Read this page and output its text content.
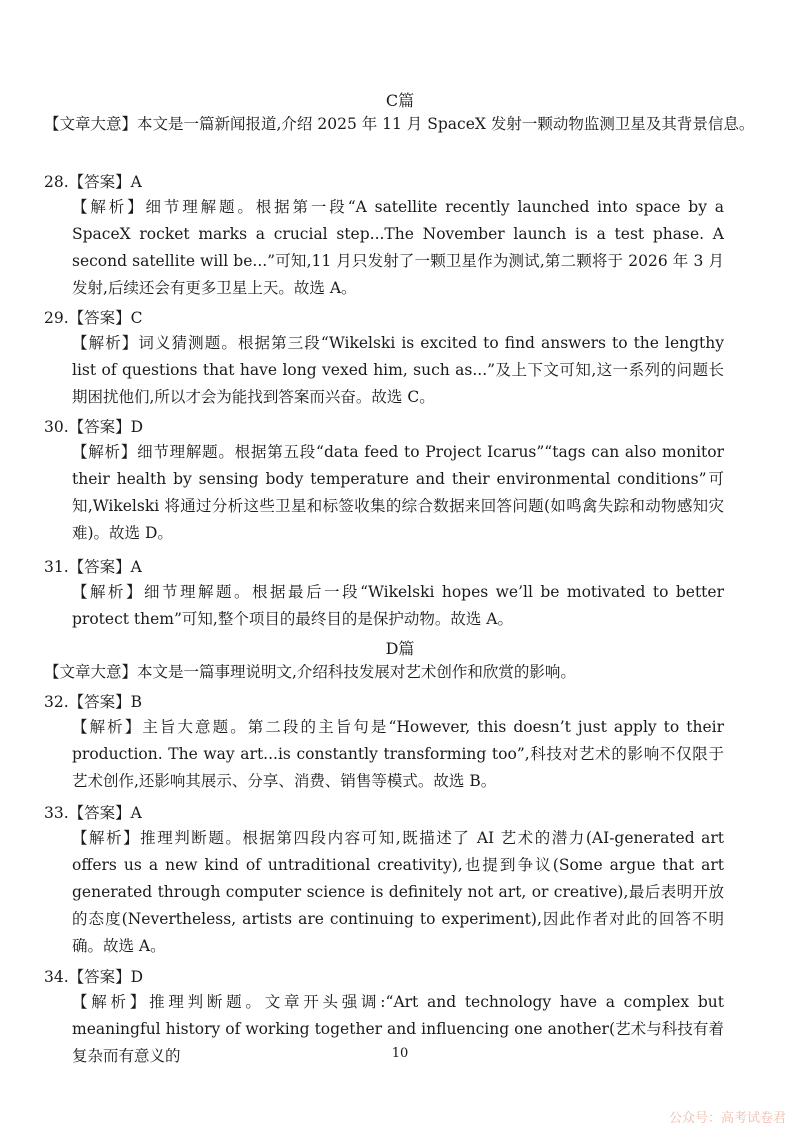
C篇
【文章大意】本文是一篇新闻报道,介绍 2025 年 11 月 SpaceX 发射一颗动物监测卫星及其背景信息。
28.【答案】A
【解析】细节理解题。根据第一段“A satellite recently launched into space by a SpaceX rocket marks a crucial step...The November launch is a test phase. A second satellite will be...”可知,11 月只发射了一颗卫星作为测试,第二颗将于 2026 年 3 月发射,后续还会有更多卫星上天。故选 A。
29.【答案】C
【解析】词义猜测题。根据第三段“Wikelski is excited to find answers to the lengthy list of questions that have long vexed him, such as...”及上下文可知,这一系列的问题长期困扰他们,所以才会为能找到答案而兴奋。故选 C。
30.【答案】D
【解析】细节理解题。根据第五段“data feed to Project Icarus”“tags can also monitor their health by sensing body temperature and their environmental conditions”可知,Wikelski 将通过分析这些卫星和标签收集的综合数据来回答问题(如鸣禽失踪和动物感知灾难)。故选 D。
31.【答案】A
【解析】细节理解题。根据最后一段“Wikelski hopes we’ll be motivated to better protect them”可知,整个项目的最终目的是保护动物。故选 A。
D篇
【文章大意】本文是一篇事理说明文,介绍科技发展对艺术创作和欣赏的影响。
32.【答案】B
【解析】主旨大意题。第二段的主旨句是“However, this doesn’t just apply to their production. The way art...is constantly transforming too”,科技对艺术的影响不仅限于艺术创作,还影响其展示、分享、消费、销售等模式。故选 B。
33.【答案】A
【解析】推理判断题。根据第四段内容可知,既描述了 AI 艺术的潜力(AI-generated art offers us a new kind of untraditional creativity),也提到争议(Some argue that art generated through computer science is definitely not art, or creative),最后表明开放的态度(Nevertheless, artists are continuing to experiment),因此作者对此的回答不明确。故选 A。
34.【答案】D
【解析】推理判断题。文章开头强调:“Art and technology have a complex but meaningful history of working together and influencing one another(艺术与科技有着复杂而有意义的	10
公众号：高考试卷君
